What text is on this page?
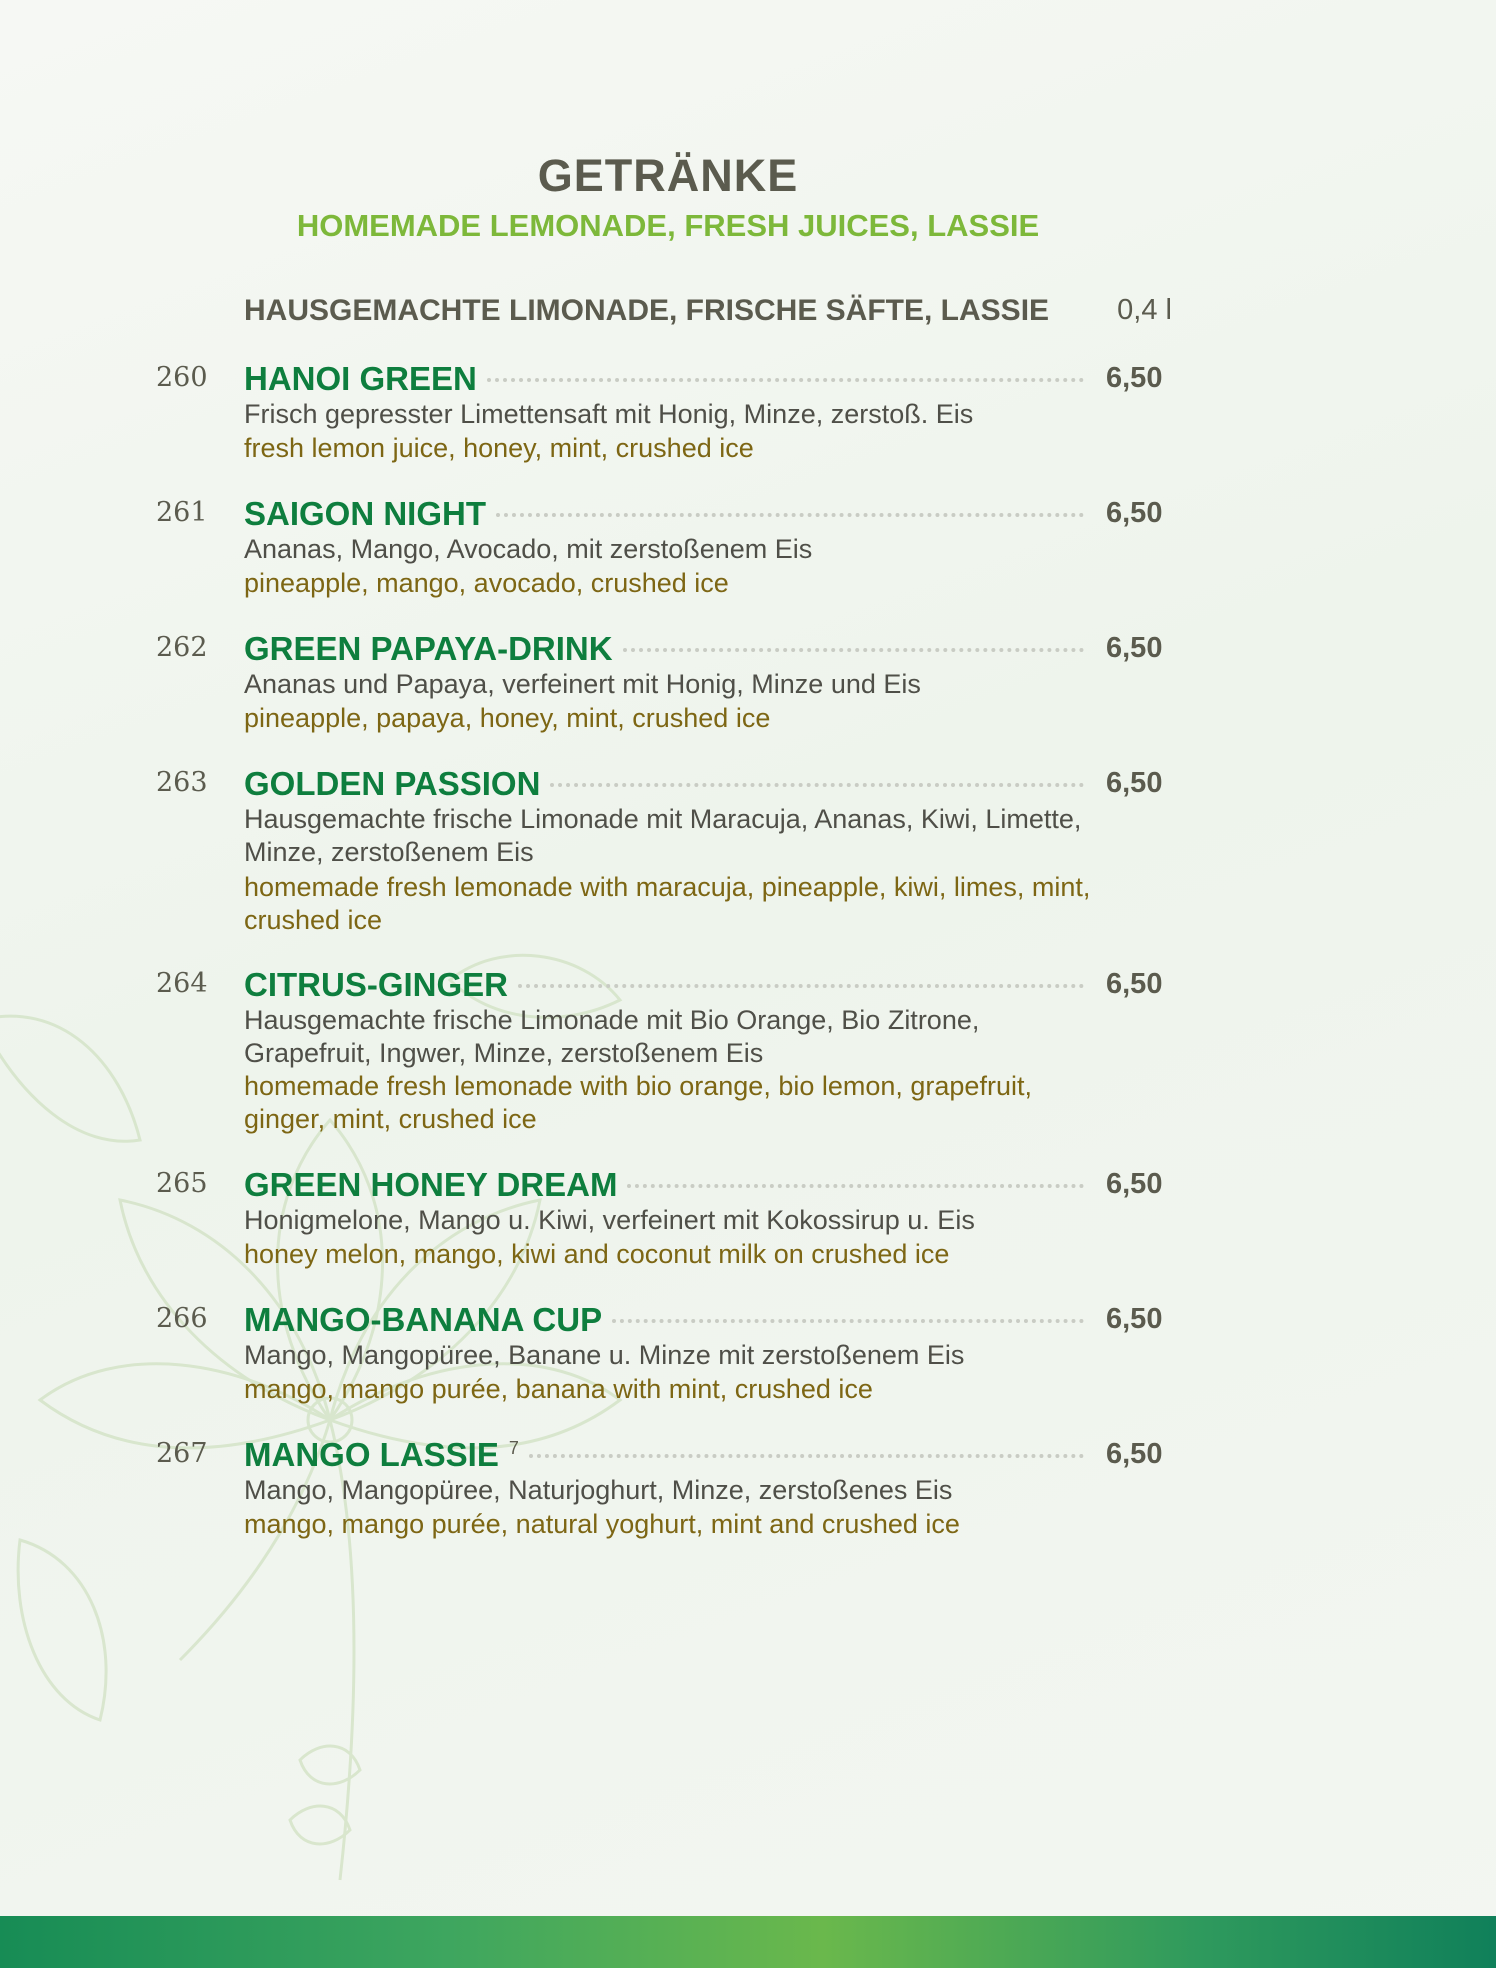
GETRÄNKE
HOMEMADE LEMONADE, FRESH JUICES, LASSIE
HAUSGEMACHTE LIMONADE, FRISCHE SÄFTE, LASSIE 0,4 l
260 HANOI GREEN	6,50
Frisch gepresster Limettensaft mit Honig, Minze, zerstoß. Eis
fresh lemon juice, honey, mint, crushed ice
261 SAIGON NIGHT	6,50
Ananas, Mango, Avocado, mit zerstoßenem Eis
pineapple, mango, avocado, crushed ice
262 GREEN PAPAYA-DRINK	6,50
Ananas und Papaya, verfeinert mit Honig, Minze und Eis
pineapple, papaya, honey, mint, crushed ice
263 GOLDEN PASSION	6,50
Hausgemachte frische Limonade mit Maracuja, Ananas, Kiwi, Limette, Minze, zerstoßenem Eis
homemade fresh lemonade with maracuja, pineapple, kiwi, limes, mint, crushed ice
264 CITRUS-GINGER	6,50
Hausgemachte frische Limonade mit Bio Orange, Bio Zitrone, Grapefruit, Ingwer, Minze, zerstoßenem Eis
homemade fresh lemonade with bio orange, bio lemon, grapefruit, ginger, mint, crushed ice
265 GREEN HONEY DREAM	6,50
Honigmelone, Mango u. Kiwi, verfeinert mit Kokossirup u. Eis
honey melon, mango, kiwi and coconut milk on crushed ice
266 MANGO-BANANA CUP	6,50
Mango, Mangopüree, Banane u. Minze mit zerstoßenem Eis
mango, mango purée, banana with mint, crushed ice
267 MANGO LASSIE $^7$	6,50
Mango, Mangopüree, Naturjoghurt, Minze, zerstoßenes Eis
mango, mango purée, natural yoghurt, mint and crushed ice
